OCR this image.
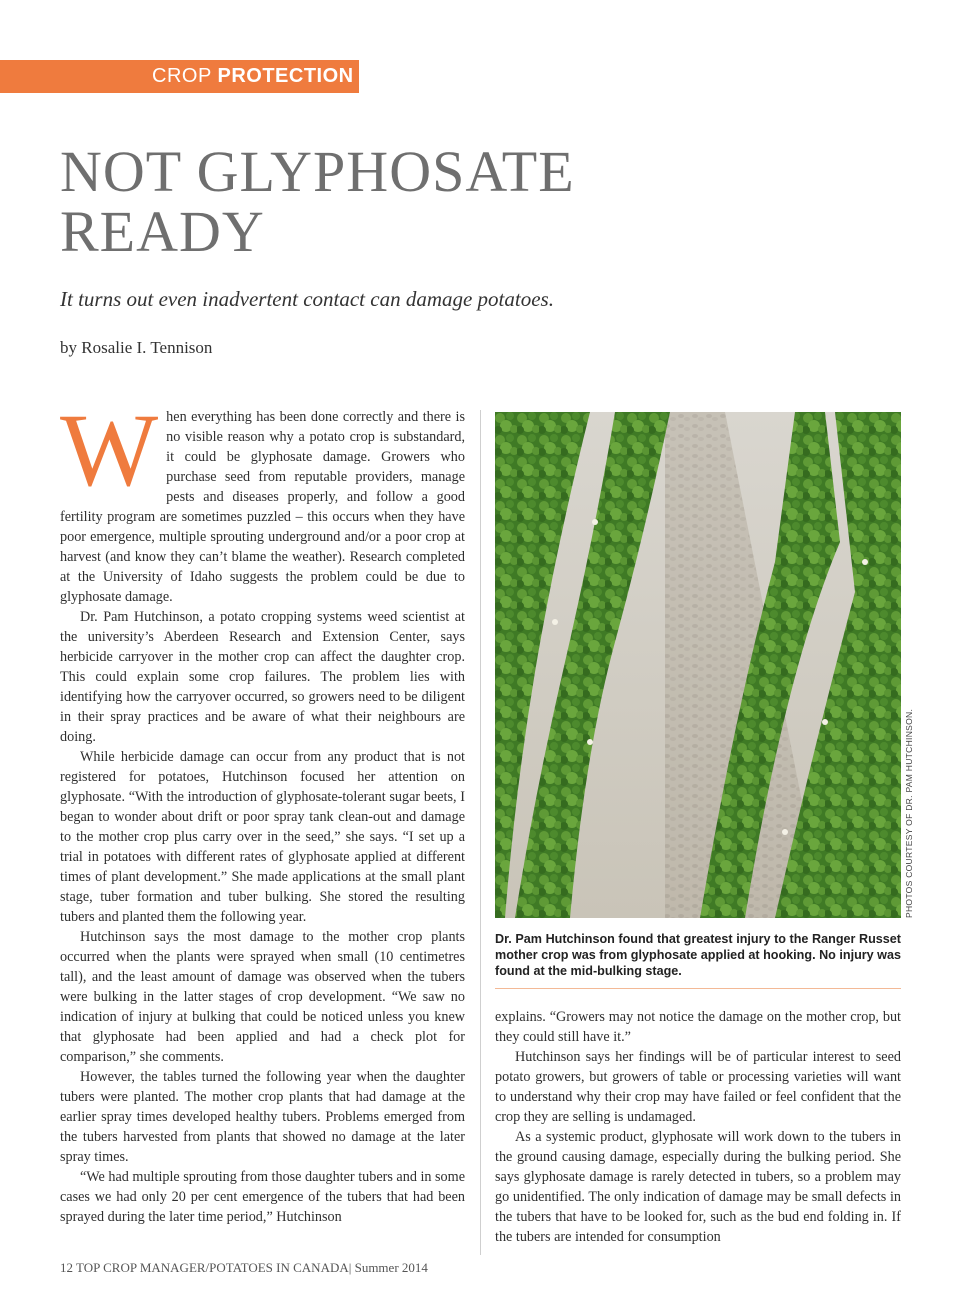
CROP PROTECTION
NOT GLYPHOSATE READY

It turns out even inadvertent contact can damage potatoes.

by Rosalie I. Tennison

When everything has been done correctly and there is no visible reason why a potato crop is substandard, it could be glyphosate damage. Growers who purchase seed from reputable providers, manage pests and diseases properly, and follow a good fertility program are sometimes puzzled – this occurs when they have poor emergence, multiple sprouting underground and/or a poor crop at harvest (and know they can’t blame the weather). Research completed at the University of Idaho suggests the problem could be due to glyphosate damage.

Dr. Pam Hutchinson, a potato cropping systems weed scientist at the university’s Aberdeen Research and Extension Center, says herbicide carryover in the mother crop can affect the daughter crop. This could explain some crop failures. The problem lies with identifying how the carryover occurred, so growers need to be diligent in their spray practices and be aware of what their neighbours are doing.

While herbicide damage can occur from any product that is not registered for potatoes, Hutchinson focused her attention on glyphosate. “With the introduction of glyphosate-tolerant sugar beets, I began to wonder about drift or poor spray tank clean-out and damage to the mother crop plus carry over in the seed,” she says. “I set up a trial in potatoes with different rates of glyphosate applied at different times of plant development.” She made applications at the small plant stage, tuber formation and tuber bulking. She stored the resulting tubers and planted them the following year.

Hutchinson says the most damage to the mother crop plants occurred when the plants were sprayed when small (10 centimetres tall), and the least amount of damage was observed when the tubers were bulking in the latter stages of crop development. “We saw no indication of injury at bulking that could be noticed unless you knew that glyphosate had been applied and had a check plot for comparison,” she comments.

However, the tables turned the following year when the daughter tubers were planted. The mother crop plants that had damage at the earlier spray times developed healthy tubers. Problems emerged from the tubers harvested from plants that showed no damage at the later spray times.

“We had multiple sprouting from those daughter tubers and in some cases we had only 20 per cent emergence of the tubers that had been sprayed during the later time period,” Hutchinson

PHOTOS COURTESY OF DR. PAM HUTCHINSON.

Dr. Pam Hutchinson found that greatest injury to the Ranger Russet mother crop was from glyphosate applied at hooking. No injury was found at the mid-bulking stage.

explains. “Growers may not notice the damage on the mother crop, but they could still have it.”

Hutchinson says her findings will be of particular interest to seed potato growers, but growers of table or processing varieties will want to understand why their crop may have failed or feel confident that the crop they are selling is undamaged.

As a systemic product, glyphosate will work down to the tubers in the ground causing damage, especially during the bulking period. She says glyphosate damage is rarely detected in tubers, so a problem may go unidentified. The only indication of damage may be small defects in the tubers that have to be looked for, such as the bud end folding in. If the tubers are intended for consumption

12 TOP CROP MANAGER/POTATOES IN CANADA| Summer 2014
